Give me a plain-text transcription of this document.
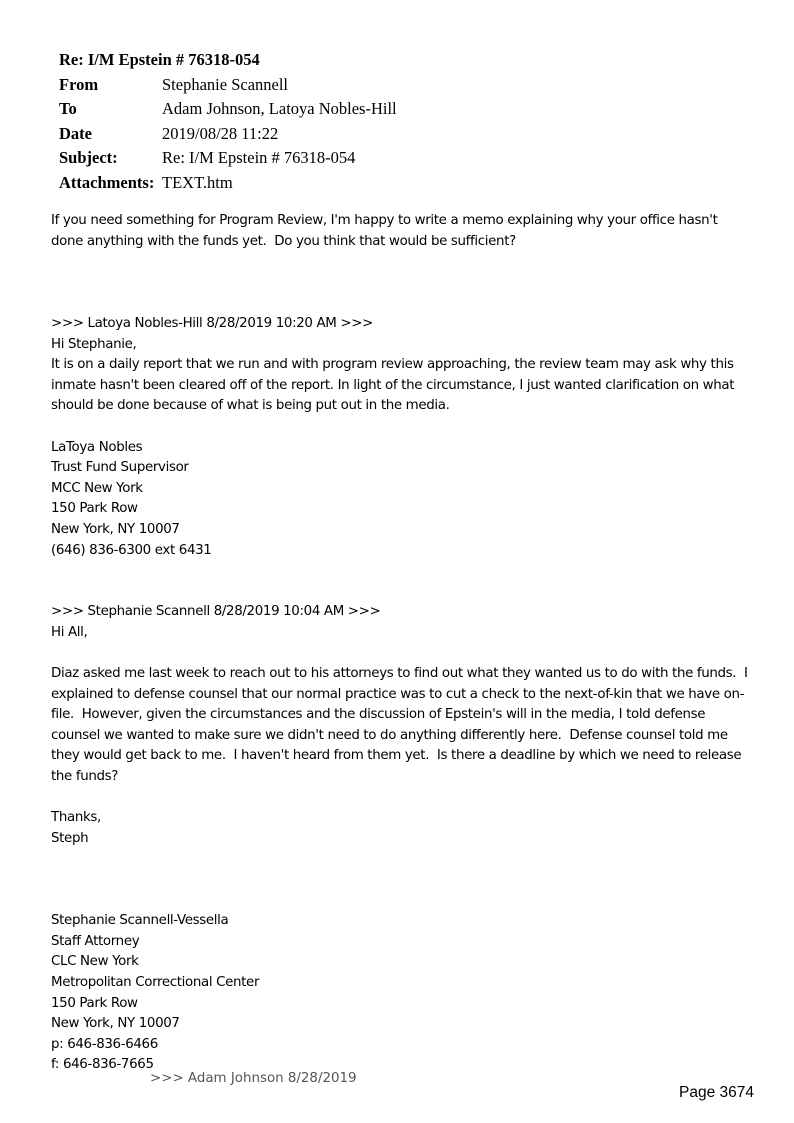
Re: I/M Epstein # 76318-054
From	Stephanie Scannell
To	Adam Johnson, Latoya Nobles-Hill
Date	2019/08/28 11:22
Subject:	Re: I/M Epstein # 76318-054
Attachments: TEXT.htm

If you need something for Program Review, I'm happy to write a memo explaining why your office hasn't

done anything with the funds yet.  Do you think that would be sufficient?

>>> Latoya Nobles-Hill 8/28/2019 10:20 AM >>>

Hi Stephanie,

It is on a daily report that we run and with program review approaching, the review team may ask why this

inmate hasn't been cleared off of the report. In light of the circumstance, I just wanted clarification on what

should be done because of what is being put out in the media.

LaToya Nobles

Trust Fund Supervisor

MCC New York

150 Park Row

New York, NY 10007

(646) 836-6300 ext 6431

>>> Stephanie Scannell 8/28/2019 10:04 AM >>>

Hi All,

Diaz asked me last week to reach out to his attorneys to find out what they wanted us to do with the funds.  I

explained to defense counsel that our normal practice was to cut a check to the next-of-kin that we have on-

file.  However, given the circumstances and the discussion of Epstein's will in the media, I told defense

counsel we wanted to make sure we didn't need to do anything differently here.  Defense counsel told me

they would get back to me.  I haven't heard from them yet.  Is there a deadline by which we need to release

the funds?

Thanks,

Steph

Stephanie Scannell-Vessella

Staff Attorney

CLC New York

Metropolitan Correctional Center

150 Park Row

New York, NY 10007

p: 646-836-6466

f: 646-836-7665

>>> Adam Johnson 8/28/2019
Page 3674
